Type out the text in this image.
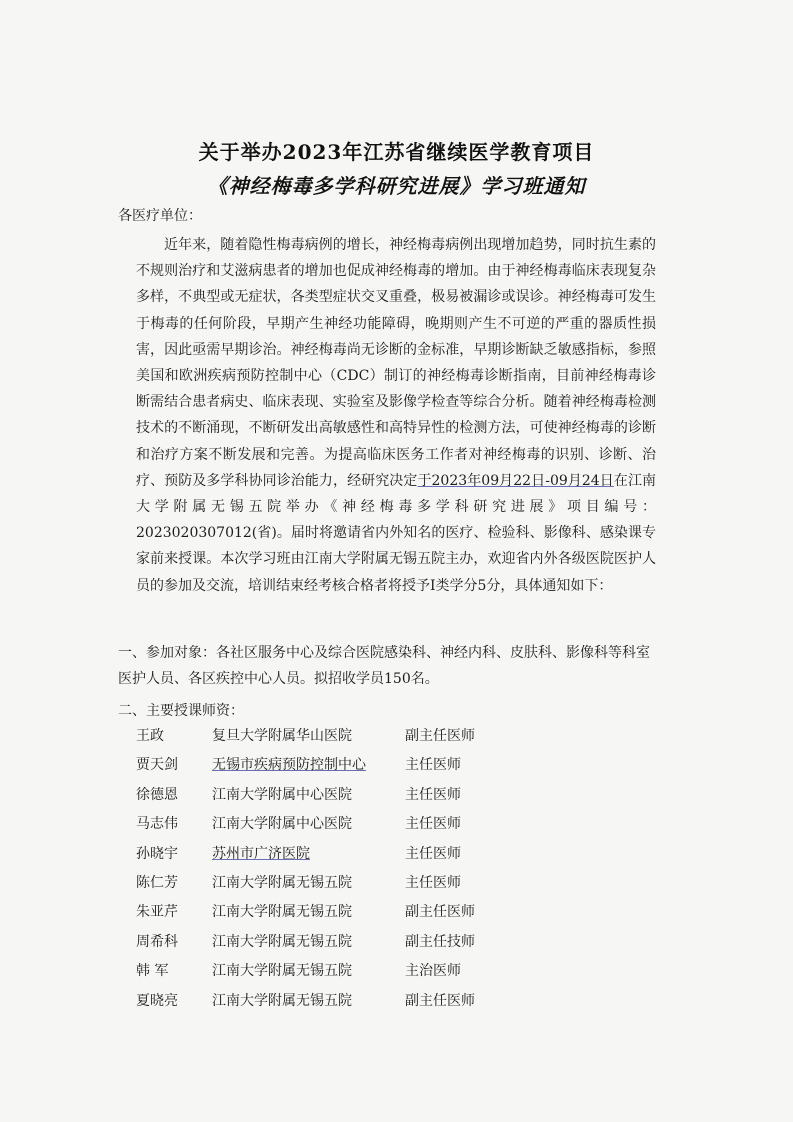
关于举办2023年江苏省继续医学教育项目
《神经梅毒多学科研究进展》学习班通知
各医疗单位：
近年来，随着隐性梅毒病例的增长，神经梅毒病例出现增加趋势，同时抗生素的不规则治疗和艾滋病患者的增加也促成神经梅毒的增加。由于神经梅毒临床表现复杂多样，不典型或无症状，各类型症状交叉重叠，极易被漏诊或误诊。神经梅毒可发生于梅毒的任何阶段，早期产生神经功能障碍，晚期则产生不可逆的严重的器质性损害，因此亟需早期诊治。神经梅毒尚无诊断的金标准，早期诊断缺乏敏感指标，参照美国和欧洲疾病预防控制中心（CDC）制订的神经梅毒诊断指南，目前神经梅毒诊断需结合患者病史、临床表现、实验室及影像学检查等综合分析。随着神经梅毒检测技术的不断涌现，不断研发出高敏感性和高特异性的检测方法，可使神经梅毒的诊断和治疗方案不断发展和完善。为提高临床医务工作者对神经梅毒的识别、诊断、治疗、预防及多学科协同诊治能力，经研究决定于2023年09月22日-09月24日在江南大学附属无锡五院举办《神经梅毒多学科研究进展》项目编号：2023020307012(省)。届时将邀请省内外知名的医疗、检验科、影像科、感染课专家前来授课。本次学习班由江南大学附属无锡五院主办，欢迎省内外各级医院医护人员的参加及交流，培训结束经考核合格者将授予Ⅰ类学分5分，具体通知如下：
一、参加对象：各社区服务中心及综合医院感染科、神经内科、皮肤科、影像科等科室医护人员、各区疾控中心人员。拟招收学员150名。
二、主要授课师资：
王政	复旦大学附属华山医院	副主任医师
贾天剑	无锡市疾病预防控制中心	主任医师
徐德恩	江南大学附属中心医院	主任医师
马志伟	江南大学附属中心医院	主任医师
孙晓宇	苏州市广济医院	主任医师
陈仁芳	江南大学附属无锡五院	主任医师
朱亚芹	江南大学附属无锡五院	副主任医师
周希科	江南大学附属无锡五院	副主任技师
韩 军	江南大学附属无锡五院	主治医师
夏晓亮	江南大学附属无锡五院	副主任医师
